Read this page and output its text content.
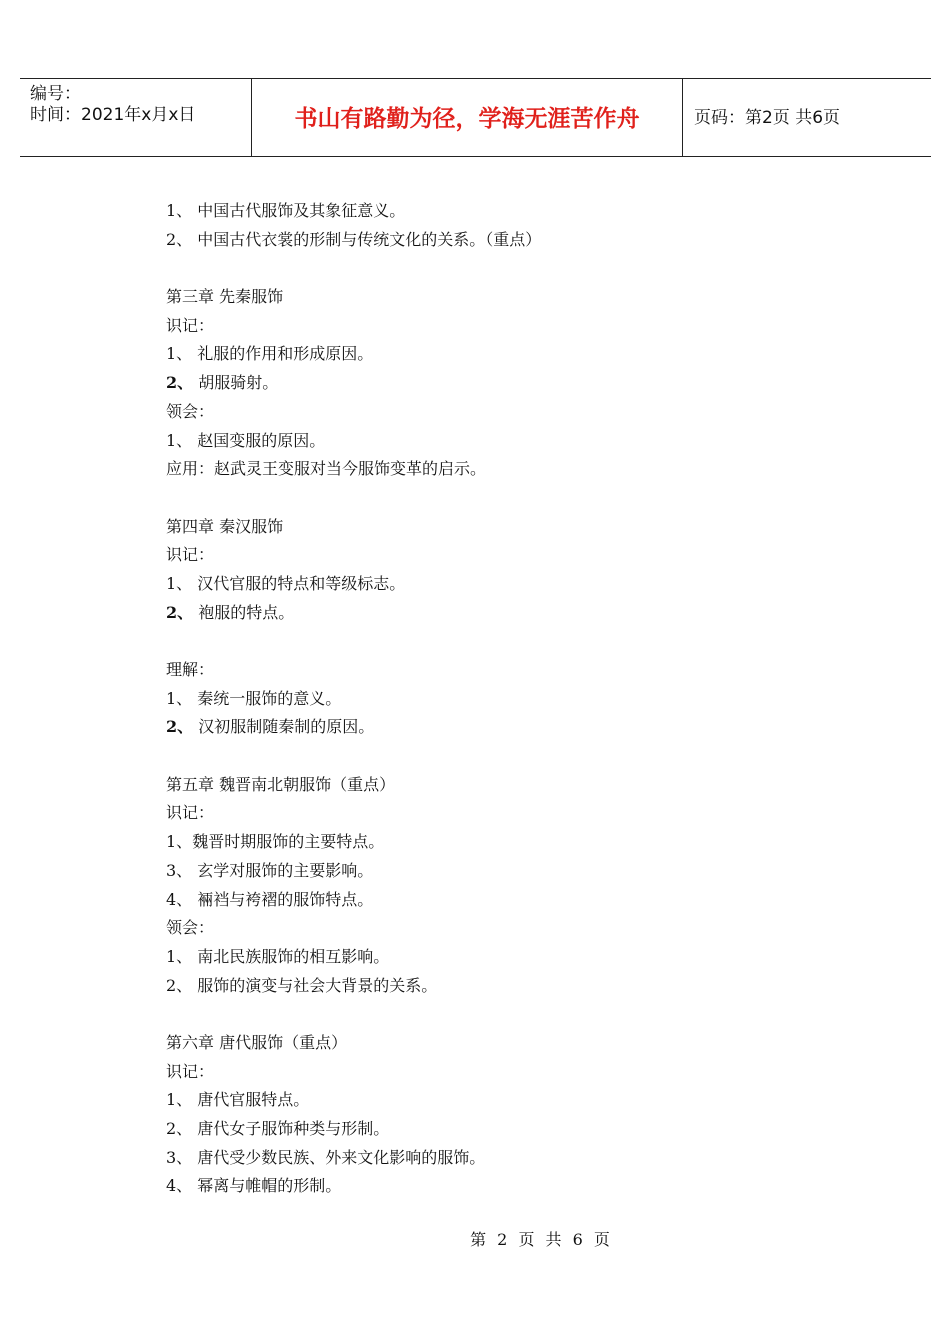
编号：
时间：2021年x月x日	书山有路勤为径，学海无涯苦作舟	页码：第2页 共6页
1、 中国古代服饰及其象征意义。
2、 中国古代衣裳的形制与传统文化的关系。（重点）
第三章 先秦服饰
识记：
1、 礼服的作用和形成原因。
2、 胡服骑射。
领会：
1、 赵国变服的原因。
应用：赵武灵王变服对当今服饰变革的启示。
第四章 秦汉服饰
识记：
1、 汉代官服的特点和等级标志。
2、 袍服的特点。
理解：
1、 秦统一服饰的意义。
2、 汉初服制随秦制的原因。
第五章 魏晋南北朝服饰（重点）
识记：
1、魏晋时期服饰的主要特点。
3、 玄学对服饰的主要影响。
4、 裲裆与袴褶的服饰特点。
领会：
1、 南北民族服饰的相互影响。
2、 服饰的演变与社会大背景的关系。
第六章 唐代服饰（重点）
识记：
1、 唐代官服特点。
2、 唐代女子服饰种类与形制。
3、 唐代受少数民族、外来文化影响的服饰。
4、 幂离与帷帽的形制。
第 2 页 共 6 页
